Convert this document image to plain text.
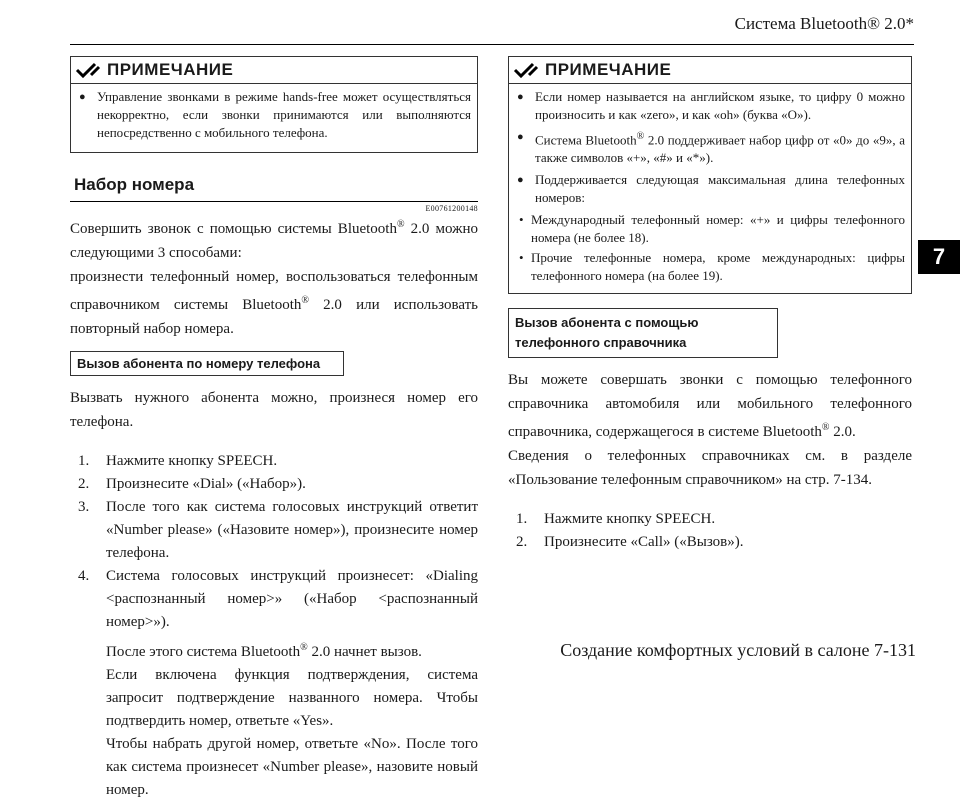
Система Bluetooth® 2.0*
7
ПРИМЕЧАНИЕ
● Управление звонками в режиме hands-free может осуществляться некорректно, если звонки принимаются или выполняются непосредственно с мобильного телефона.
Набор номера
E00761200148

Совершить звонок с помощью системы Bluetooth® 2.0 можно следующими 3 способами:

произнести телефонный номер, воспользоваться телефонным справочником системы Bluetooth® 2.0 или использовать повторный набор номера.

Вызов абонента по номеру телефона

Вызвать нужного абонента можно, произнеся номер его телефона.

1. Нажмите кнопку SPEECH.
2. Произнесите «Dial» («Набор»).
3. После того как система голосовых инструкций ответит «Number please» («Назовите номер»), произнесите номер телефона.
4. Система голосовых инструкций произнесет: «Dialing <распознанный номер>» («Набор <распознанный номер>»).
После этого система Bluetooth® 2.0 начнет вызов.
Если включена функция подтверждения, система запросит подтверждение названного номера. Чтобы подтвердить номер, ответьте «Yes».
Чтобы набрать другой номер, ответьте «No». После того как система произнесет «Number please», назовите новый номер.
ПРИМЕЧАНИЕ
● Если номер называется на английском языке, то цифру 0 можно произносить и как «zero», и как «oh» (буква «O»).
● Система Bluetooth® 2.0 поддерживает набор цифр от «0» до «9», а также символов «+», «#» и «*»).
● Поддерживается следующая максимальная длина телефонных номеров:
• Международный телефонный номер: «+» и цифры телефонного номера (не более 18).
• Прочие телефонные номера, кроме международных: цифры телефонного номера (на более 19).
Вызов абонента с помощью телефонного справочника

Вы можете совершать звонки с помощью телефонного справочника автомобиля или мобильного телефонного справочника, содержащегося в системе Bluetooth® 2.0.

Сведения о телефонных справочниках см. в разделе «Пользование телефонным справочником» на стр. 7-134.

1. Нажмите кнопку SPEECH.
2. Произнесите «Call» («Вызов»).
Создание комфортных условий в салоне 7-131
